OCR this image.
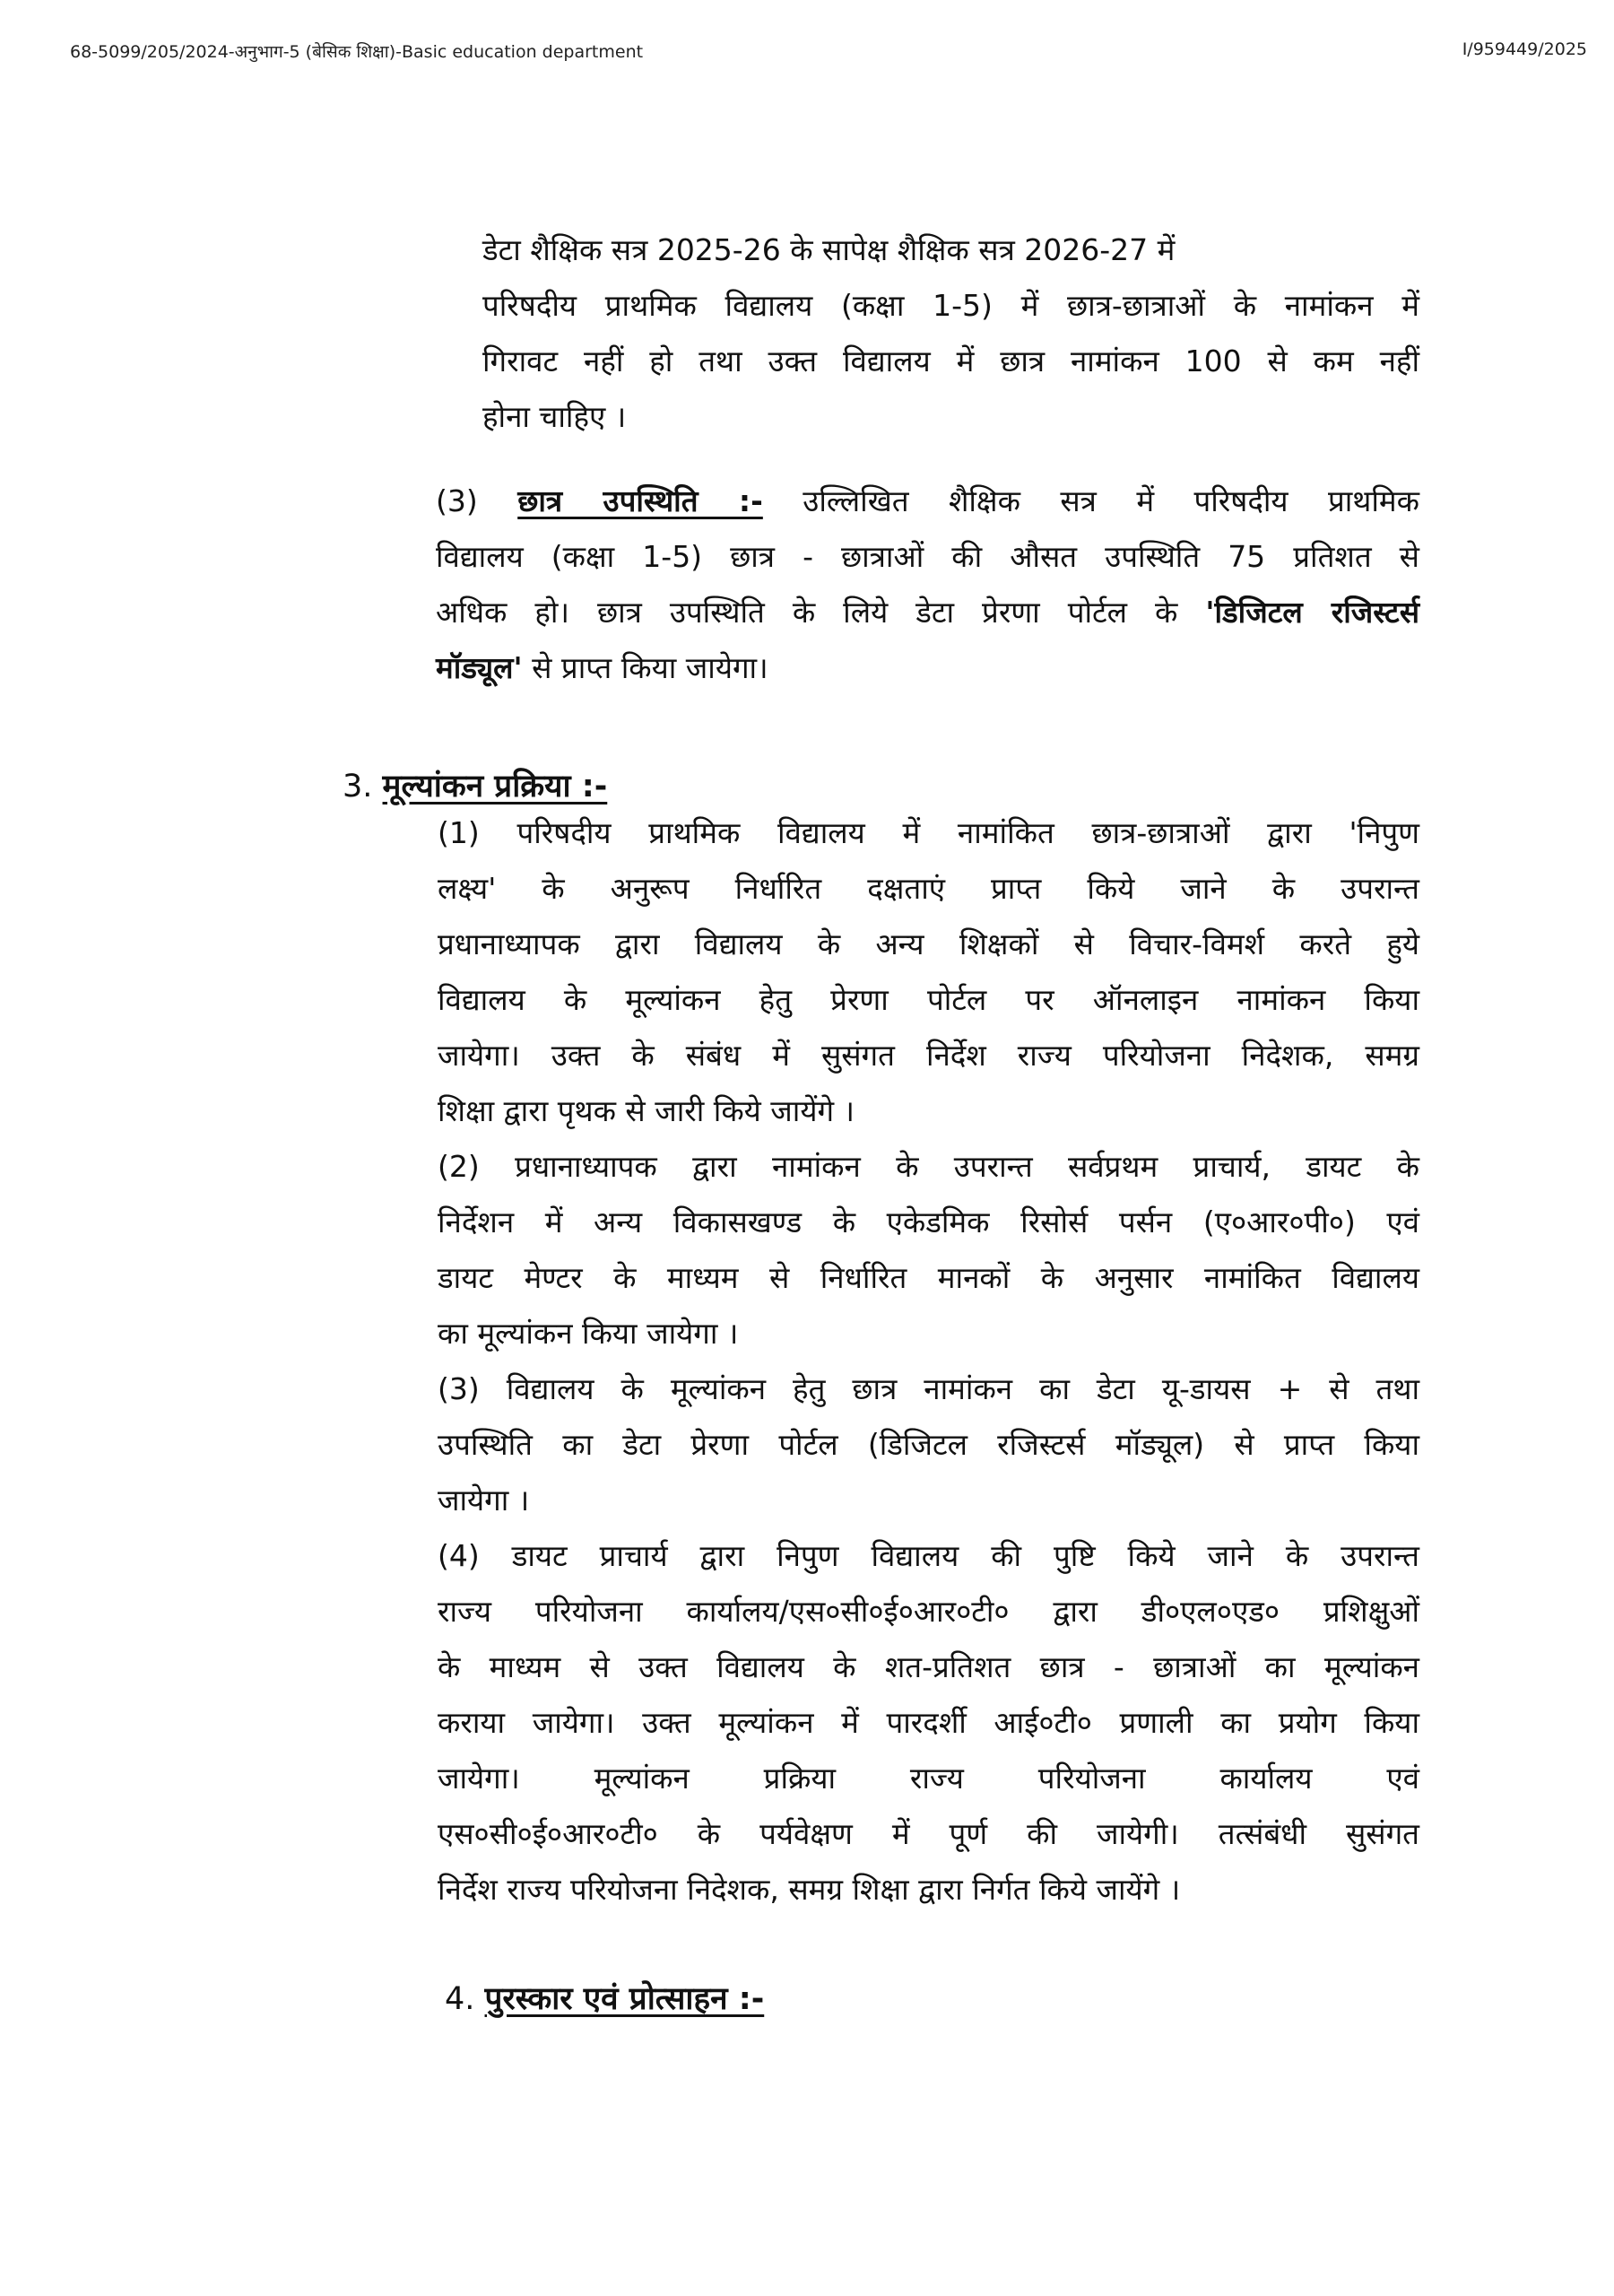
68-5099/205/2024-अनुभाग-5 (बेसिक शिक्षा)-Basic education department	I/959449/2025
डेटा शैक्षिक सत्र 2025-26 के सापेक्ष शैक्षिक सत्र 2026-27 में
परिषदीय प्राथमिक विद्यालय (कक्षा 1-5) में छात्र-छात्राओं के नामांकन में
गिरावट नहीं हो तथा उक्त विद्यालय में छात्र नामांकन 100 से कम नहीं
होना चाहिए ।
(3) छात्र उपस्थिति :- उल्लिखित शैक्षिक सत्र में परिषदीय प्राथमिक
विद्यालय (कक्षा 1-5) छात्र - छात्राओं की औसत उपस्थिति 75 प्रतिशत से
अधिक हो। छात्र उपस्थिति के लिये डेटा प्रेरणा पोर्टल के 'डिजिटल रजिस्टर्स
मॉड्यूल' से प्राप्त किया जायेगा।
3. मूल्यांकन प्रक्रिया :-
(1) परिषदीय प्राथमिक विद्यालय में नामांकित छात्र-छात्राओं द्वारा 'निपुण
लक्ष्य' के अनुरूप निर्धारित दक्षताएं प्राप्त किये जाने के उपरान्त
प्रधानाध्यापक द्वारा विद्यालय के अन्य शिक्षकों से विचार-विमर्श करते हुये
विद्यालय के मूल्यांकन हेतु प्रेरणा पोर्टल पर ऑनलाइन नामांकन किया
जायेगा। उक्त के संबंध में सुसंगत निर्देश राज्य परियोजना निदेशक, समग्र
शिक्षा द्वारा पृथक से जारी किये जायेंगे ।
(2) प्रधानाध्यापक द्वारा नामांकन के उपरान्त सर्वप्रथम प्राचार्य, डायट के
निर्देशन में अन्य विकासखण्ड के एकेडमिक रिसोर्स पर्सन (ए०आर०पी०) एवं
डायट मेण्टर के माध्यम से निर्धारित मानकों के अनुसार नामांकित विद्यालय
का मूल्यांकन किया जायेगा ।
(3) विद्यालय के मूल्यांकन हेतु छात्र नामांकन का डेटा यू-डायस + से तथा
उपस्थिति का डेटा प्रेरणा पोर्टल (डिजिटल रजिस्टर्स मॉड्यूल) से प्राप्त किया
जायेगा ।
(4) डायट प्राचार्य द्वारा निपुण विद्यालय की पुष्टि किये जाने के उपरान्त
राज्य परियोजना कार्यालय/एस०सी०ई०आर०टी० द्वारा डी०एल०एड० प्रशिक्षुओं
के माध्यम से उक्त विद्यालय के शत-प्रतिशत छात्र - छात्राओं का मूल्यांकन
कराया जायेगा। उक्त मूल्यांकन में पारदर्शी आई०टी० प्रणाली का प्रयोग किया
जायेगा। मूल्यांकन प्रक्रिया राज्य परियोजना कार्यालय एवं
एस०सी०ई०आर०टी० के पर्यवेक्षण में पूर्ण की जायेगी। तत्संबंधी सुसंगत
निर्देश राज्य परियोजना निदेशक, समग्र शिक्षा द्वारा निर्गत किये जायेंगे ।
4. पुरस्कार एवं प्रोत्साहन :-
